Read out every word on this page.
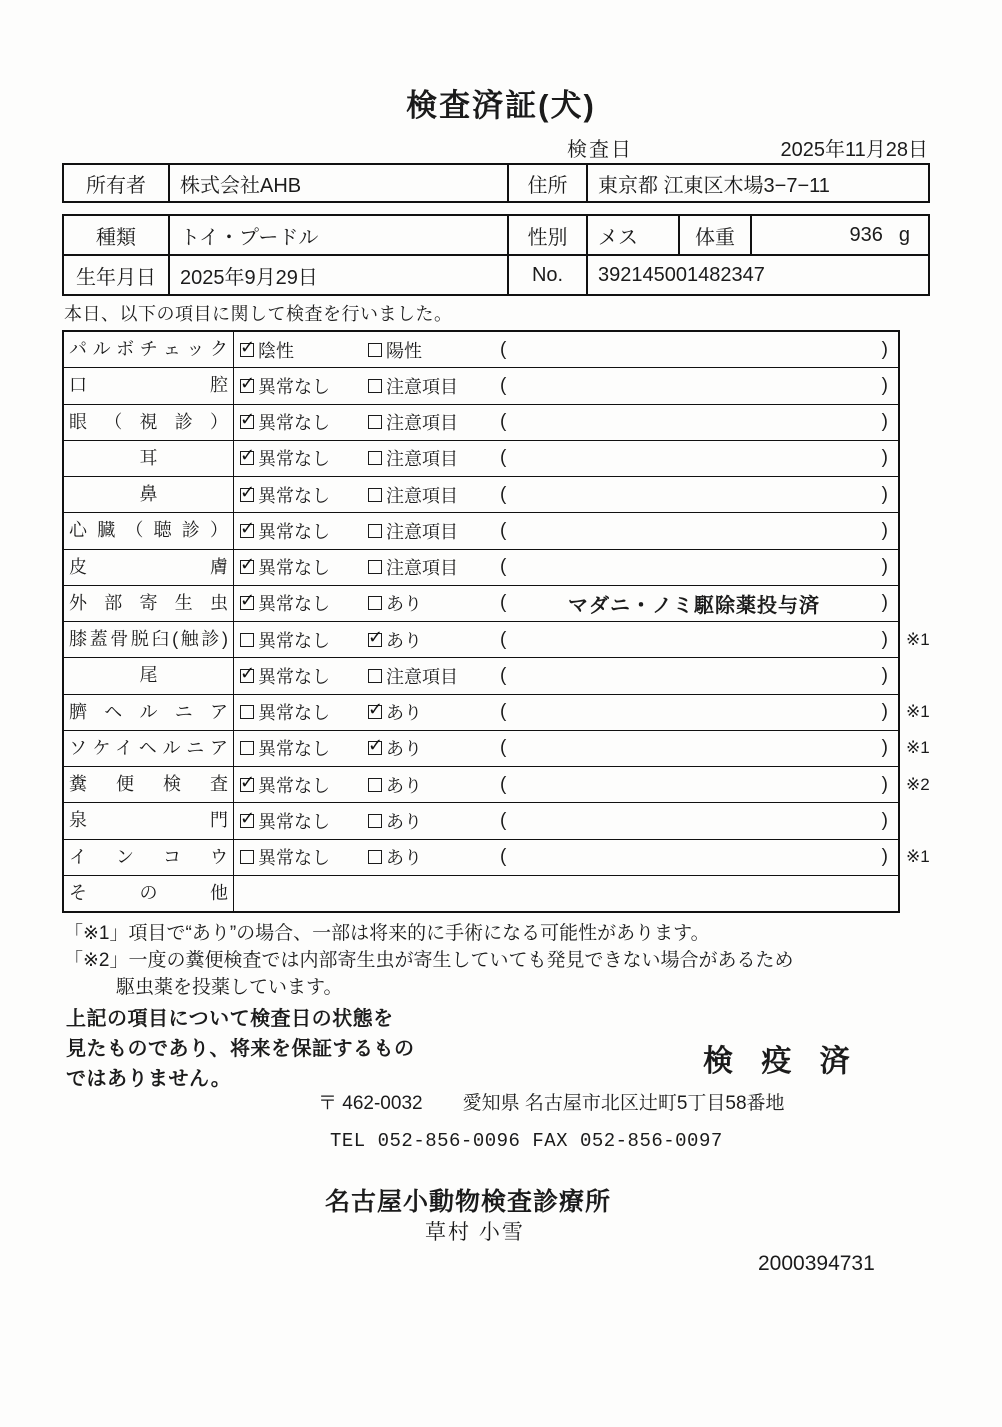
検査済証(犬)
検査日	2025年11月28日
所有者	株式会社AHB	住所	東京都 江東区木場3−7−11
種類	トイ・プードル	性別	メス	体重	936 g
生年月日	2025年9月29日	No.	392145001482347
本日、以下の項目に関して検査を行いました。
パルボチェック ✓	陰性	陽性	(	)
口腔 ✓	異常なし	注意項目 (	)
眼（視診） ✓	異常なし	注意項目 (	)
耳 ✓	異常なし	注意項目 (	)
鼻 ✓	異常なし	注意項目 (	)
心臓（聴診） ✓	異常なし	注意項目 (	)
皮膚 ✓	異常なし	注意項目 (	)
外部寄生虫 ✓	異常なし	あり	(	マダニ・ノミ駆除薬投与済	)
膝蓋骨脱臼(触診)	異常なし ✓	あり	(	) ※1
尾 ✓	異常なし	注意項目 (	)
臍ヘルニア	異常なし ✓	あり	(	) ※1
ソケイヘルニア	異常なし ✓	あり	(	) ※1
糞便検査 ✓	異常なし	あり	(	) ※2
泉門 ✓	異常なし	あり	(	)
インコウ	異常なし	あり	(	) ※1
その他
「※1」項目で“あり”の場合、一部は将来的に手術になる可能性があります。
「※2」一度の糞便検査では内部寄生虫が寄生していても発見できない場合があるため
駆虫薬を投薬しています。
上記の項目について検査日の状態を
見たものであり、将来を保証するもの
ではありません。
検 疫 済
〒 462-0032 愛知県 名古屋市北区辻町5丁目58番地
TEL 052-856-0096 FAX 052-856-0097
名古屋小動物検査診療所
草村 小雪
2000394731
